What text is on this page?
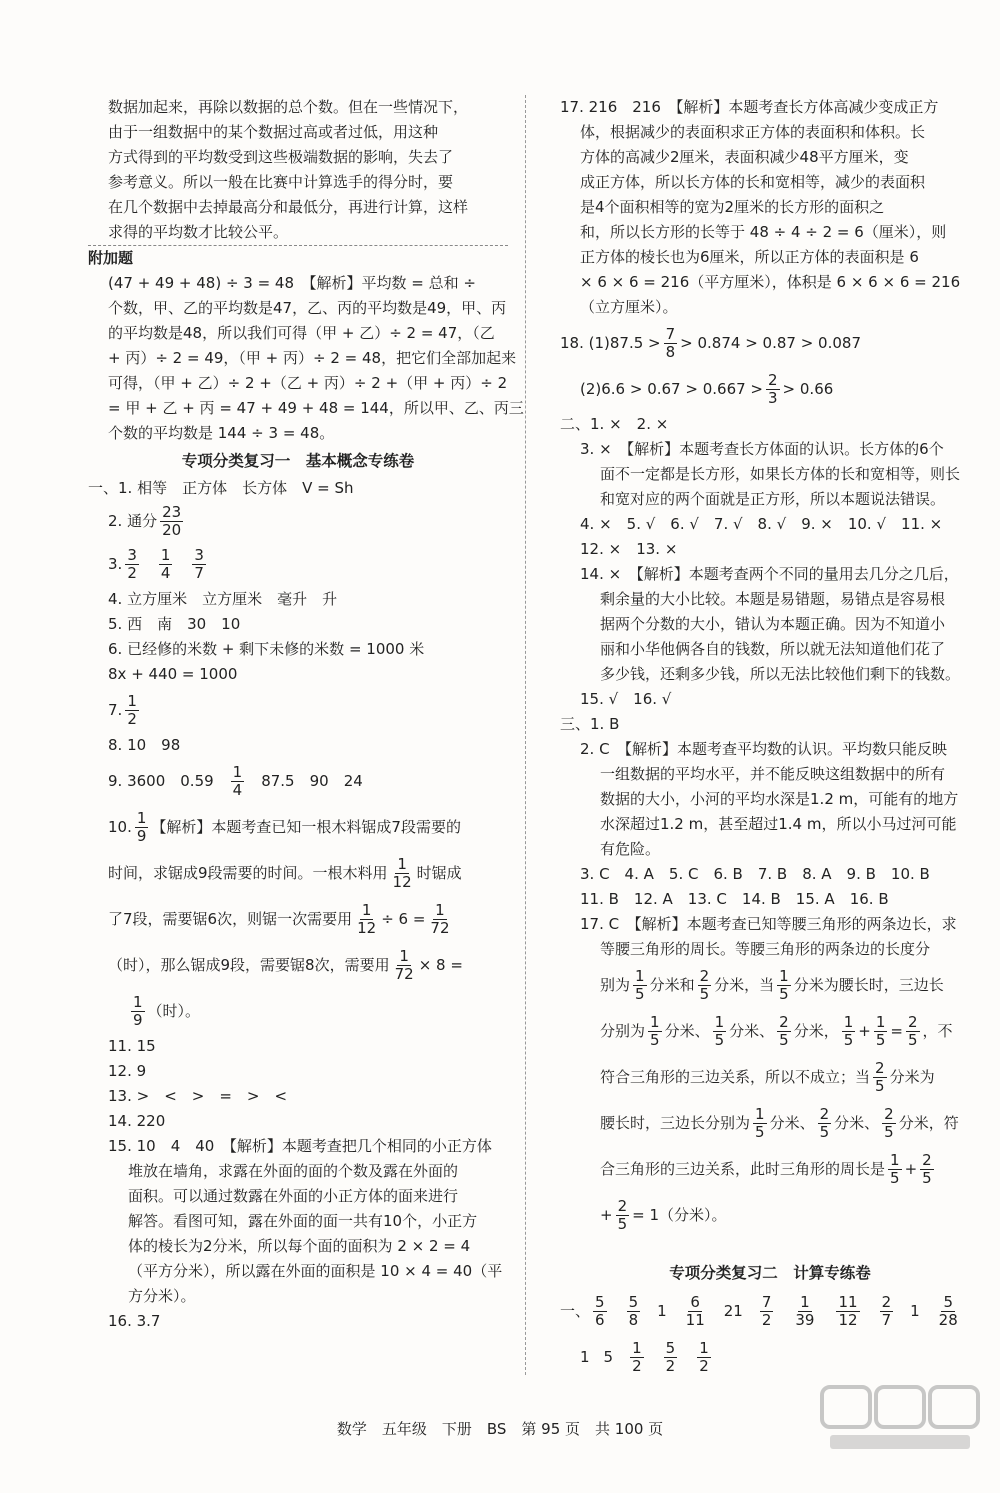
数据加起来，再除以数据的总个数。但在一些情况下，
由于一组数据中的某个数据过高或者过低，用这种
方式得到的平均数受到这些极端数据的影响，失去了
参考意义。所以一般在比赛中计算选手的得分时，要
在几个数据中去掉最高分和最低分，再进行计算，这样
求得的平均数才比较公平。
附加题
(47 + 49 + 48) ÷ 3 = 48　【解析】平均数 = 总和 ÷
个数，甲、乙的平均数是47，乙、丙的平均数是49，甲、丙
的平均数是48，所以我们可得（甲 + 乙）÷ 2 = 47，（乙
+ 丙）÷ 2 = 49，（甲 + 丙）÷ 2 = 48，把它们全部加起来
可得，（甲 + 乙）÷ 2 +（乙 + 丙）÷ 2 +（甲 + 丙）÷ 2
= 甲 + 乙 + 丙 = 47 + 49 + 48 = 144，所以甲、乙、丙三
个数的平均数是 144 ÷ 3 = 48。
专项分类复习一　基本概念专练卷
一、1. 相等　正方体　长方体　V = Sh
2. 通分 $\frac{23}{20}$
3. $\frac{3}{2} \frac{1}{4} \frac{3}{7}$
4. 立方厘米　立方厘米　毫升　升
5. 西　南　30　10
6. 已经修的米数 + 剩下未修的米数 = 1000 米
8x + 440 = 1000
7. $\frac{1}{2}$
8. 10　98
9. 3600　$0.59 \frac{1}{4} 87.5$　90　24
10. $\frac{1}{9}$ 【解析】本题考查已知一根木料锯成7段需要的
时间，求锯成9段需要的时间。一根木料用 $\frac{1}{12}$ 时锯成
了7段，需要锯6次，则锯一次需要用 $\frac{1}{12} \div 6 = \frac{1}{72}$
（时），那么锯成9段，需要锯8次，需要用 $\frac{1}{72} \times 8$ =
$\frac{1}{9}$ （时）。
11. 15
12. 9
13. >　<　>　=　>　<
14. 220
15. 10　4　40　【解析】本题考查把几个相同的小正方体
堆放在墙角，求露在外面的面的个数及露在外面的
面积。可以通过数露在外面的小正方体的面来进行
解答。看图可知，露在外面的面一共有10个，小正方
体的棱长为2分米，所以每个面的面积为 2 × 2 = 4
（平方分米），所以露在外面的面积是 10 × 4 = 40（平
方分米）。
16. 3.7
17. 216　216　【解析】本题考查长方体高减少变成正方
体，根据减少的表面积求正方体的表面积和体积。长
方体的高减少2厘米，表面积减少48平方厘米，变
成正方体，所以长方体的长和宽相等，减少的表面积
是4个面积相等的宽为2厘米的长方形的面积之
和，所以长方形的长等于 48 ÷ 4 ÷ 2 = 6（厘米），则
正方体的棱长也为6厘米，所以正方体的表面积是 6
× 6 × 6 = 216（平方厘米），体积是 6 × 6 × 6 = 216
（立方厘米）。
18. $(1)87.5 > \frac{7}{8} > 0.874 > 0.87 > 0.087$
$(2)6.6 > 0.67 > 0.667 > \frac{2}{3} > 0.66$
二、1. ×　2. ×
3. ×　【解析】本题考查长方体面的认识。长方体的6个
面不一定都是长方形，如果长方体的长和宽相等，则长
和宽对应的两个面就是正方形，所以本题说法错误。
4. ×　5. √　6. √　7. √　8. √　9. ×　10. √　11. ×
12. ×　13. ×
14. ×　【解析】本题考查两个不同的量用去几分之几后，
剩余量的大小比较。本题是易错题，易错点是容易根
据两个分数的大小，错认为本题正确。因为不知道小
丽和小华他俩各自的钱数，所以就无法知道他们花了
多少钱，还剩多少钱，所以无法比较他们剩下的钱数。
15. √　16. √
三、1. B
2. C　【解析】本题考查平均数的认识。平均数只能反映
一组数据的平均水平，并不能反映这组数据中的所有
数据的大小，小河的平均水深是1.2 m，可能有的地方
水深超过1.2 m，甚至超过1.4 m，所以小马过河可能
有危险。
3. C　4. A　5. C　6. B　7. B　8. A　9. B　10. B
11. B　12. A　13. C　14. B　15. A　16. B
17. C　【解析】本题考查已知等腰三角形的两条边长，求
等腰三角形的周长。等腰三角形的两条边的长度分
别为 $\frac{1}{5}$ 分米和 $\frac{2}{5}$ 分米，当 $\frac{1}{5}$ 分米为腰长时，三边长
分别为 $\frac{1}{5}$ 分米、 $\frac{1}{5}$ 分米、 $\frac{2}{5}$ 分米， $\frac{1}{5} + \frac{1}{5} = \frac{2}{5}$ ，不
符合三角形的三边关系，所以不成立；当 $\frac{2}{5}$ 分米为
腰长时，三边长分别为 $\frac{1}{5}$ 分米、 $\frac{2}{5}$ 分米、 $\frac{2}{5}$ 分米，符
合三角形的三边关系，此时三角形的周长是 $\frac{1}{5} + \frac{2}{5}$
+ $\frac{2}{5} = 1$（分米）。
专项分类复习二　计算专练卷
一、 $\frac{5}{6} \frac{5}{8} 1 \frac{6}{11} 21 \frac{7}{2} \frac{1}{39} \frac{11}{12} \frac{2}{7} 1 \frac{5}{28}$
1 $5 \frac{1}{2} \frac{5}{2} \frac{1}{2}$
数学　五年级　下册　BS　第 95 页　共 100 页
